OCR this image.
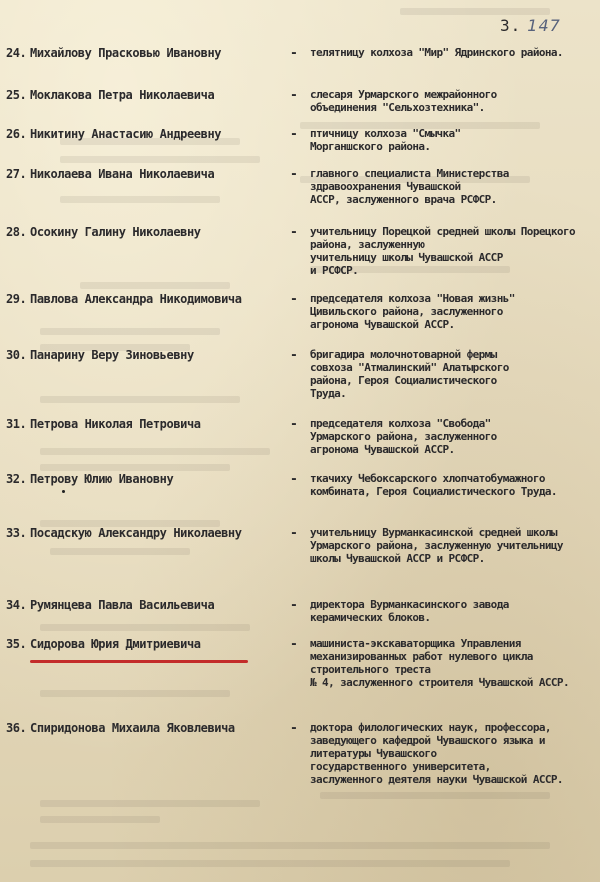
3. 147
24. Михайлову Прасковью Ивановну	- телятницу колхоза "Мир" Ядринского района.
25. Моклакова Петра Николаевича	- слесаря Урмарского межрайонного
объединения "Сельхозтехника".
26. Никитину Анастасию Андреевну	- птичницу колхоза "Смычка"
Морганшского района.
27. Николаева Ивана Николаевича	- главного специалиста Министерства здравоохранения Чувашской
АССР, заслуженного врача РСФСР.
28. Осокину Галину Николаевну	- учительницу Порецкой средней школы Порецкого района, заслуженную
учительницу школы Чувашской АССР
и РСФСР.
29. Павлова Александра Никодимовича	- председателя колхоза "Новая жизнь"
Цивильского района, заслуженного
агронома Чувашской АССР.
30. Панарину Веру Зиновьевну	- бригадира молочнотоварной фермы
совхоза "Атмалинский" Алатырского
района, Героя Социалистического
Труда.
31. Петрова Николая Петровича	- председателя колхоза "Свобода"
Урмарского района, заслуженного
агронома Чувашской АССР.
32. Петрову Юлию Ивановну	- ткачиху Чебоксарского хлопчатобумажного комбината, Героя Социалистического Труда.
33. Посадскую Александру Николаевну	- учительницу Вурманкасинской средней школы Урмарского района, заслуженную учительницу школы Чувашской АССР и РСФСР.
34. Румянцева Павла Васильевича	- директора Вурманкасинского завода
керамических блоков.
35. Сидорова Юрия Дмитриевича	- машиниста-экскаваторщика Управления механизированных работ нулевого цикла строительного треста
№ 4, заслуженного строителя Чувашской АССР.
36. Спиридонова Михаила Яковлевича	- доктора филологических наук, профессора, заведующего кафедрой Чувашского языка и литературы Чувашского
государственного университета,
заслуженного деятеля науки Чувашской АССР.
